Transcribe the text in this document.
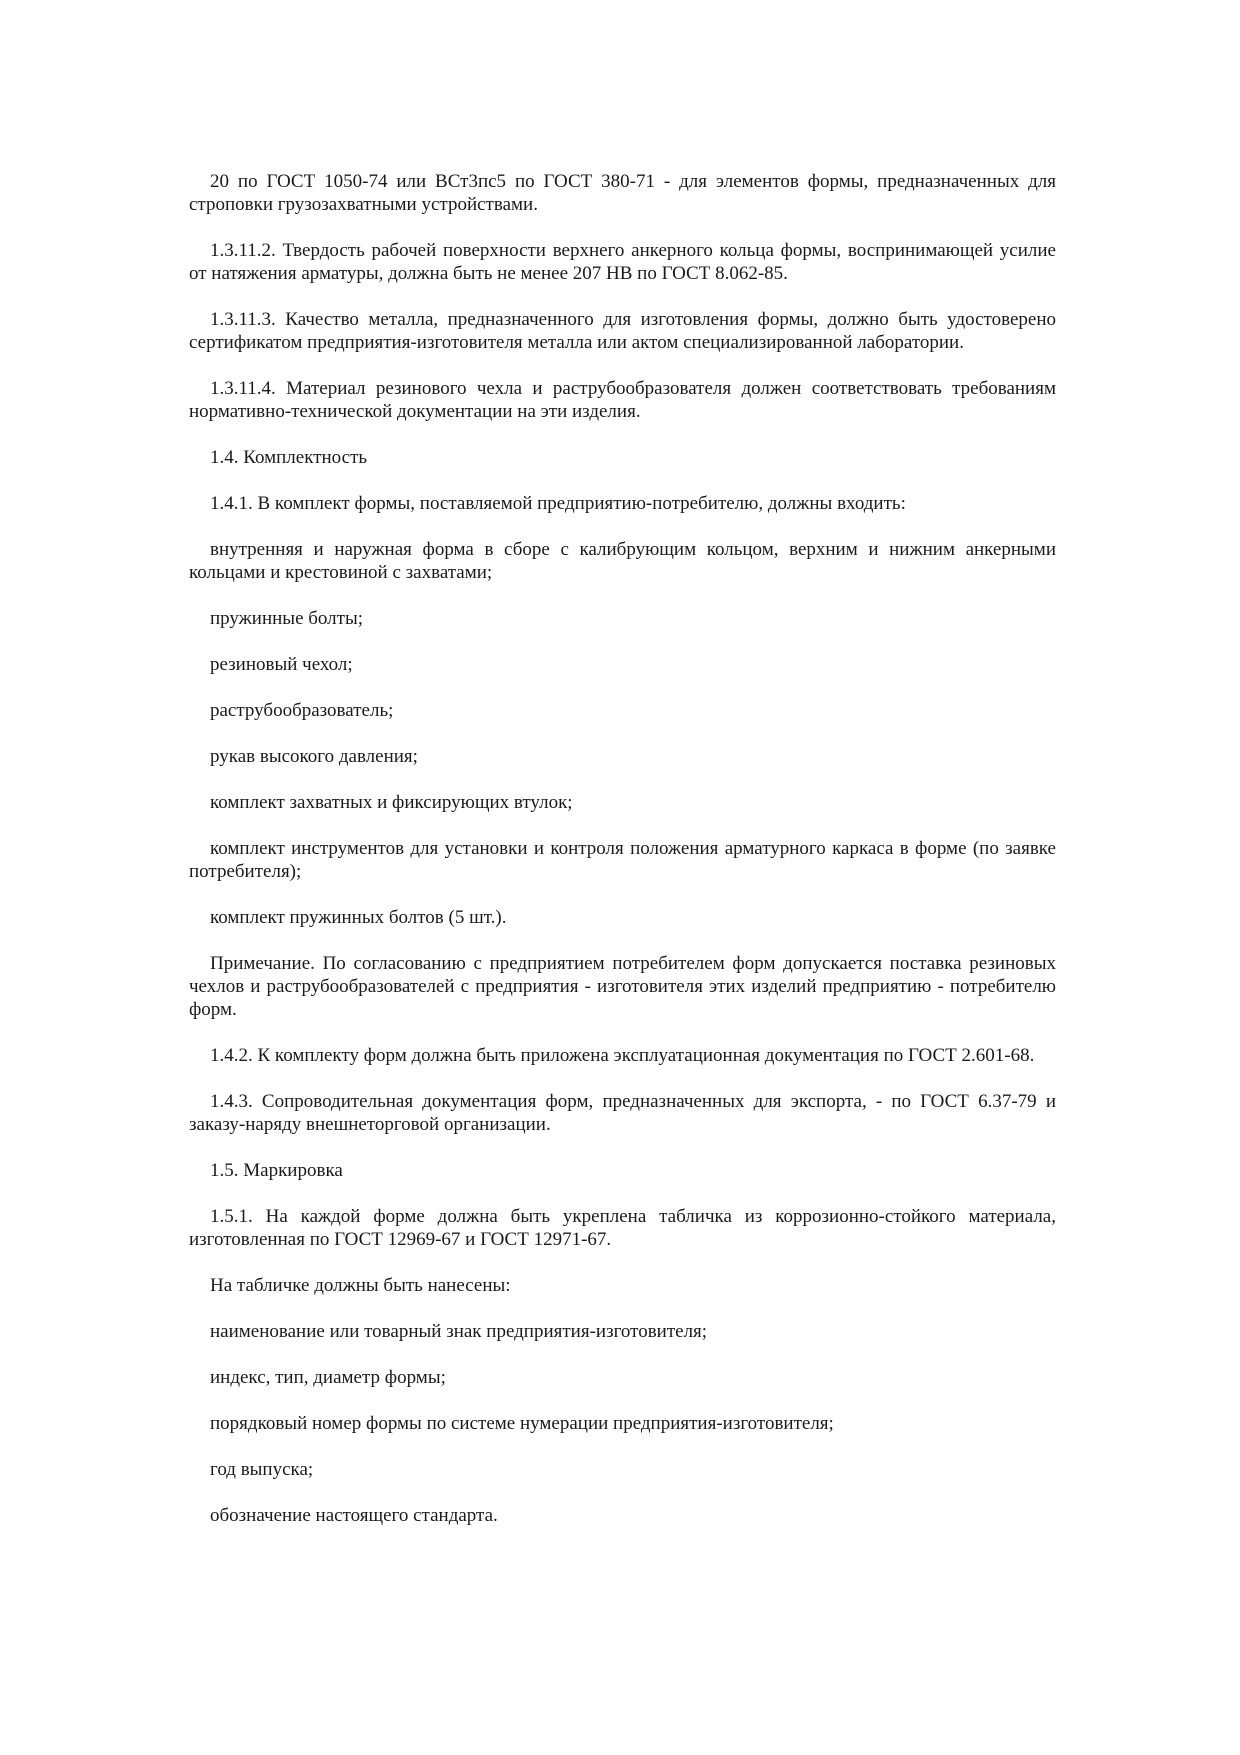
20 по ГОСТ 1050-74 или ВСт3пс5 по ГОСТ 380-71 - для элементов формы, предназначенных для строповки грузозахватными устройствами.

1.3.11.2. Твердость рабочей поверхности верхнего анкерного кольца формы, воспринимающей усилие от натяжения арматуры, должна быть не менее 207 НВ по ГОСТ 8.062-85.

1.3.11.3. Качество металла, предназначенного для изготовления формы, должно быть удостоверено сертификатом предприятия-изготовителя металла или актом специализированной лаборатории.

1.3.11.4. Материал резинового чехла и раструбообразователя должен соответствовать требованиям нормативно-технической документации на эти изделия.

1.4. Комплектность

1.4.1. В комплект формы, поставляемой предприятию-потребителю, должны входить:

внутренняя и наружная форма в сборе с калибрующим кольцом, верхним и нижним анкерными кольцами и крестовиной с захватами;

пружинные болты;

резиновый чехол;

раструбообразователь;

рукав высокого давления;

комплект захватных и фиксирующих втулок;

комплект инструментов для установки и контроля положения арматурного каркаса в форме (по заявке потребителя);

комплект пружинных болтов (5 шт.).

Примечание. По согласованию с предприятием потребителем форм допускается поставка резиновых чехлов и раструбообразователей с предприятия - изготовителя этих изделий предприятию - потребителю форм.

1.4.2. К комплекту форм должна быть приложена эксплуатационная документация по ГОСТ 2.601-68.

1.4.3. Сопроводительная документация форм, предназначенных для экспорта, - по ГОСТ 6.37-79 и заказу-наряду внешнеторговой организации.

1.5. Маркировка

1.5.1. На каждой форме должна быть укреплена табличка из коррозионно-стойкого материала, изготовленная по ГОСТ 12969-67 и ГОСТ 12971-67.

На табличке должны быть нанесены:

наименование или товарный знак предприятия-изготовителя;

индекс, тип, диаметр формы;

порядковый номер формы по системе нумерации предприятия-изготовителя;

год выпуска;

обозначение настоящего стандарта.
